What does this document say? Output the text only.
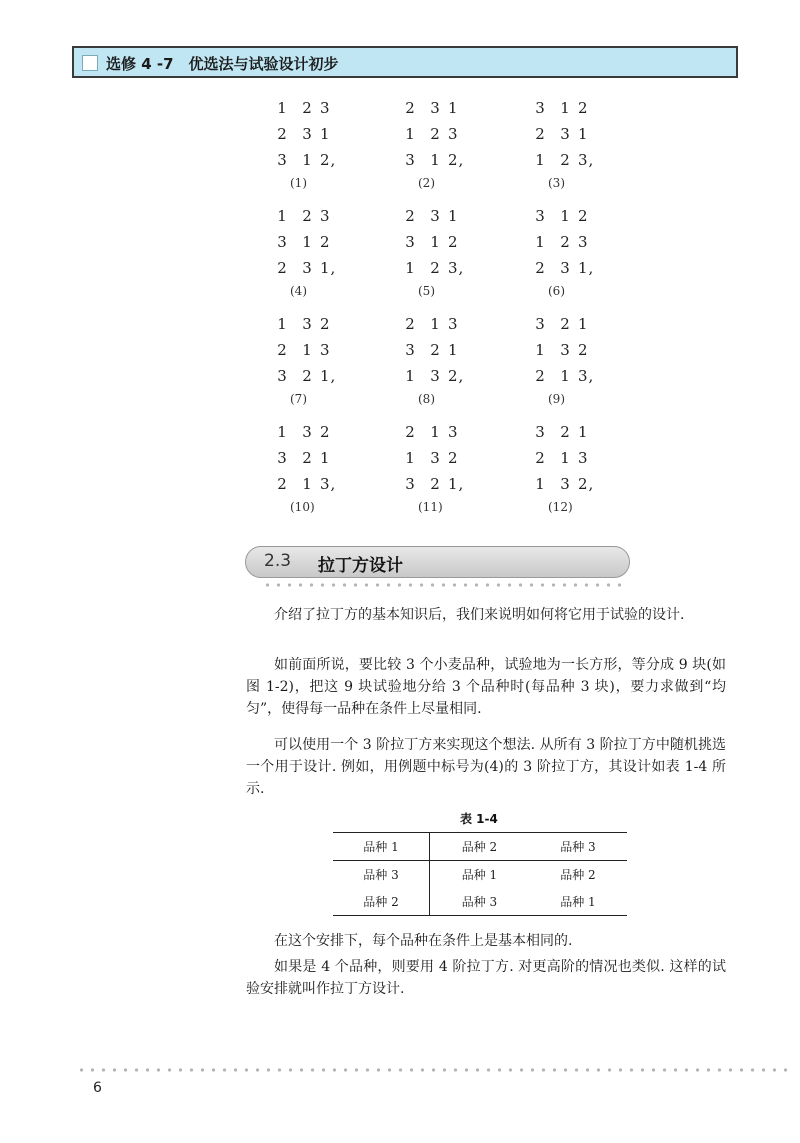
选修 4 -7　优选法与试验设计初步
1 2 3
2 3 1
3 1 2,
(1)
2 3 1
1 2 3
3 1 2,
(2)
3 1 2
2 3 1
1 2 3,
(3)
1 2 3
3 1 2
2 3 1,
(4)
2 3 1
3 1 2
1 2 3,
(5)
3 1 2
1 2 3
2 3 1,
(6)
1 3 2
2 1 3
3 2 1,
(7)
2 1 3
3 2 1
1 3 2,
(8)
3 2 1
1 3 2
2 1 3,
(9)
1 3 2
3 2 1
2 1 3,
(10)
2 1 3
1 3 2
3 2 1,
(11)
3 2 1
2 1 3
1 3 2,
(12)
2.3 拉丁方设计
介绍了拉丁方的基本知识后，我们来说明如何将它用于试验的设计.
如前面所说，要比较 3 个小麦品种，试验地为一长方形，等分成 9 块(如图 1-2)，把这 9 块试验地分给 3 个品种时(每品种 3 块)，要力求做到“均匀”，使得每一品种在条件上尽量相同.
可以使用一个 3 阶拉丁方来实现这个想法. 从所有 3 阶拉丁方中随机挑选一个用于设计. 例如，用例题中标号为(4)的 3 阶拉丁方，其设计如表 1-4 所示.
表 1-4
品种 1	品种 2	品种 3
品种 3	品种 1	品种 2
品种 2	品种 3	品种 1
在这个安排下，每个品种在条件上是基本相同的.
如果是 4 个品种，则要用 4 阶拉丁方. 对更高阶的情况也类似. 这样的试验安排就叫作拉丁方设计.
6
